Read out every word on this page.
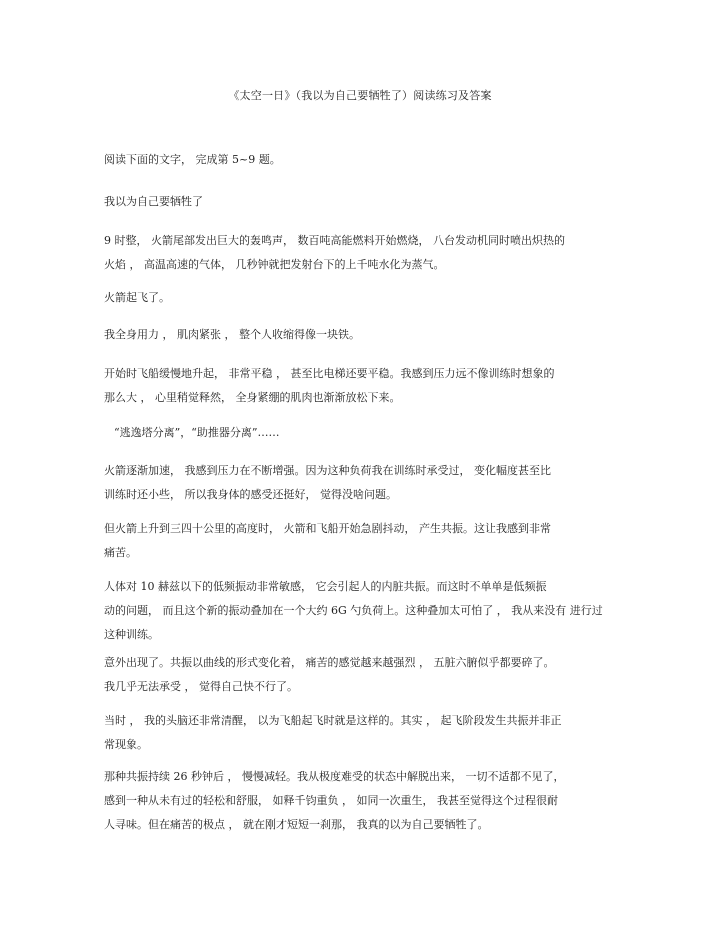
《太空一日》（我以为自己要牺牲了）阅读练习及答案
阅读下面的文字， 完成第 5~9 题。
我以为自己要牺牲了
9 时整， 火箭尾部发出巨大的轰鸣声， 数百吨高能燃料开始燃烧， 八台发动机同时喷出炽热的
火焰 ， 高温高速的气体， 几秒钟就把发射台下的上千吨水化为蒸气。
火箭起飞了。
我全身用力 ， 肌肉紧张 ， 整个人收缩得像一块铁。
开始时飞船缓慢地升起， 非常平稳 ， 甚至比电梯还要平稳。我感到压力远不像训练时想象的
那么大 ， 心里稍觉释然， 全身紧绷的肌肉也渐渐放松下来。
“逃逸塔分离”，“助推器分离”……
火箭逐渐加速， 我感到压力在不断增强。因为这种负荷我在训练时承受过， 变化幅度甚至比
训练时还小些， 所以我身体的感受还挺好， 觉得没啥问题。
但火箭上升到三四十公里的高度时， 火箭和飞船开始急剧抖动， 产生共振。这让我感到非常
痛苦。
人体对 10 赫兹以下的低频振动非常敏感， 它会引起人的内脏共振。而这时不单单是低频振
动的问题， 而且这个新的振动叠加在一个大约 6G 勺负荷上。这种叠加太可怕了 ， 我从来没有 进行过
这种训练。
意外出现了。共振以曲线的形式变化着， 痛苦的感觉越来越强烈 ， 五脏六腑似乎都要碎了。
我几乎无法承受 ， 觉得自己快不行了。
当时 ， 我的头脑还非常清醒， 以为飞船起飞时就是这样的。其实 ， 起飞阶段发生共振并非正
常现象。
那种共振持续 26 秒钟后 ， 慢慢减轻。我从极度难受的状态中解脱出来， 一切不适都不见了，
感到一种从未有过的轻松和舒服， 如释千钧重负 ， 如同一次重生， 我甚至觉得这个过程很耐
人寻味。但在痛苦的极点 ， 就在刚才短短一刹那， 我真的以为自己要牺牲了。
